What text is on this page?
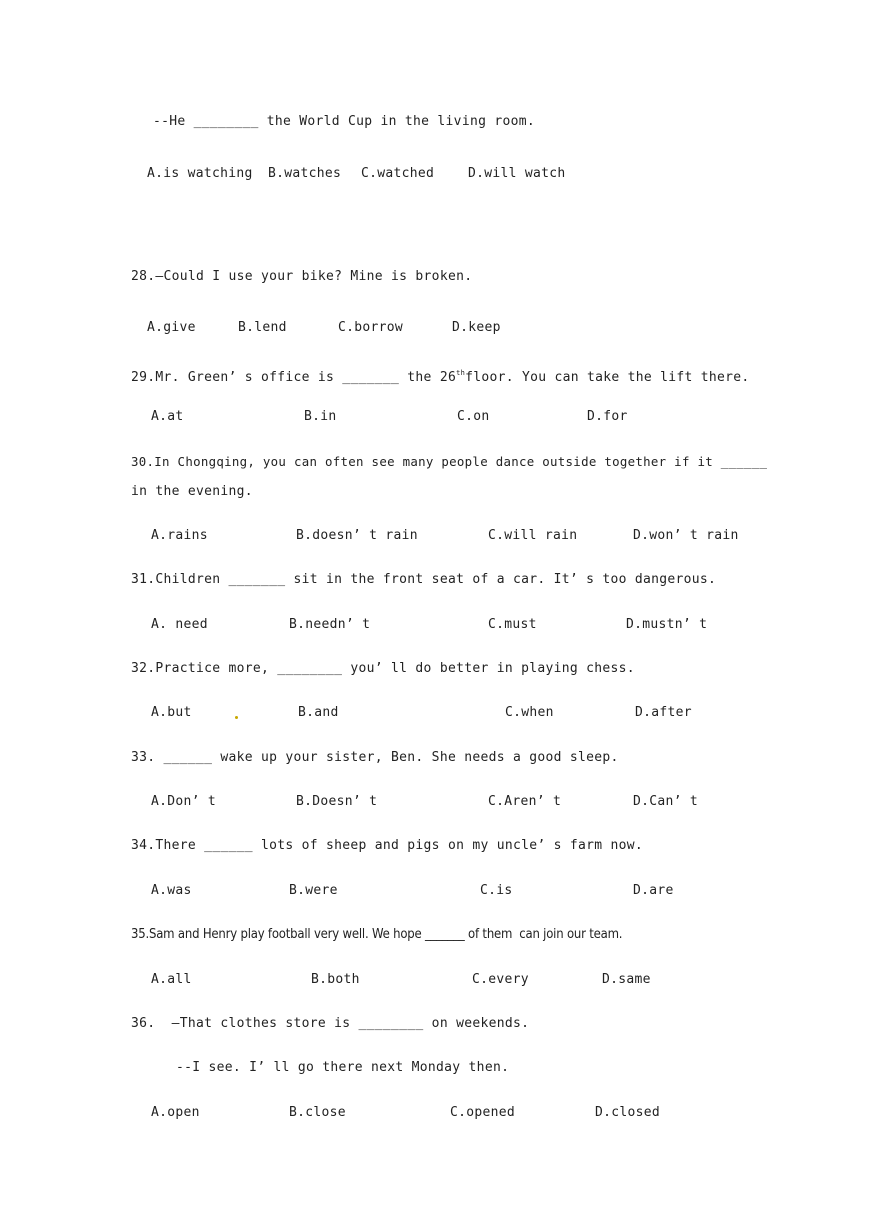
--He ________ the World Cup in the living room.
A.is watching B.watches C.watched	D.will watch
28.—Could I use your bike? Mine is broken.
A.give	B.lend	C.borrow	D.keep
29.Mr. Green’ s office is _______ the 26thfloor. You can take the lift there.
A.at	B.in	C.on	D.for
30.In Chongqing, you can often see many people dance outside together if it ______
in the evening.
A.rains	B.doesn’ t rain	C.will rain	D.won’ t rain
31.Children _______ sit in the front seat of a car. It’ s too dangerous.
A. need	B.needn’ t	C.must	D.mustn’ t
32.Practice more, ________ you’ ll do better in playing chess.
A.but	B.and	C.when	D.after
33. ______ wake up your sister, Ben. She needs a good sleep.
A.Don’ t	B.Doesn’ t	C.Aren’ t	D.Can’ t
34.There ______ lots of sheep and pigs on my uncle’ s farm now.
A.was	B.were	C.is	D.are
35.Sam and Henry play football very well. We hope _______ of them  can join our team.
A.all	B.both	C.every	D.same
36.  –That clothes store is ________ on weekends.
--I see. I’ ll go there next Monday then.
A.open	B.close	C.opened	D.closed
